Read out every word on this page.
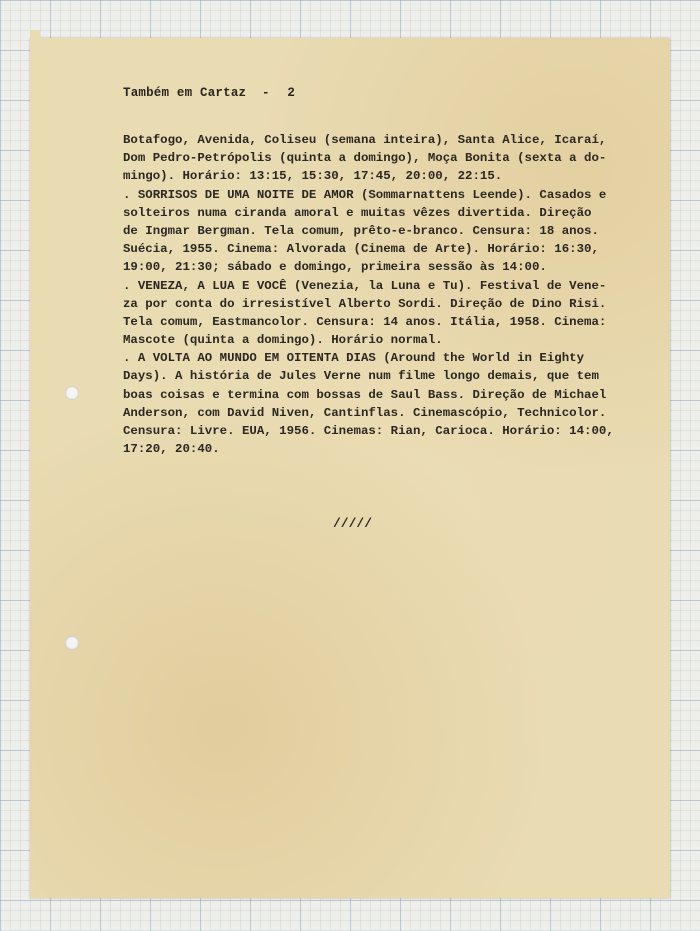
Também em Cartaz - 2
Botafogo, Avenida, Coliseu (semana inteira), Santa Alice, Icaraí,
Dom Pedro-Petrópolis (quinta a domingo), Moça Bonita (sexta a do-
mingo). Horário: 13:15, 15:30, 17:45, 20:00, 22:15.
. SORRISOS DE UMA NOITE DE AMOR (Sommarnattens Leende). Casados e
solteiros numa ciranda amoral e muitas vêzes divertida. Direção
de Ingmar Bergman. Tela comum, prêto-e-branco. Censura: 18 anos.
Suécia, 1955. Cinema: Alvorada (Cinema de Arte). Horário: 16:30,
19:00, 21:30; sábado e domingo, primeira sessão às 14:00.
. VENEZA, A LUA E VOCÊ (Venezia, la Luna e Tu). Festival de Vene-
za por conta do irresistível Alberto Sordi. Direção de Dino Risi.
Tela comum, Eastmancolor. Censura: 14 anos. Itália, 1958. Cinema:
Mascote (quinta a domingo). Horário normal.
. A VOLTA AO MUNDO EM OITENTA DIAS (Around the World in Eighty
Days). A história de Jules Verne num filme longo demais, que tem
boas coisas e termina com bossas de Saul Bass. Direção de Michael
Anderson, com David Niven, Cantinflas. Cinemascópio, Technicolor.
Censura: Livre. EUA, 1956. Cinemas: Rian, Carioca. Horário: 14:00,
17:20, 20:40.
/////
